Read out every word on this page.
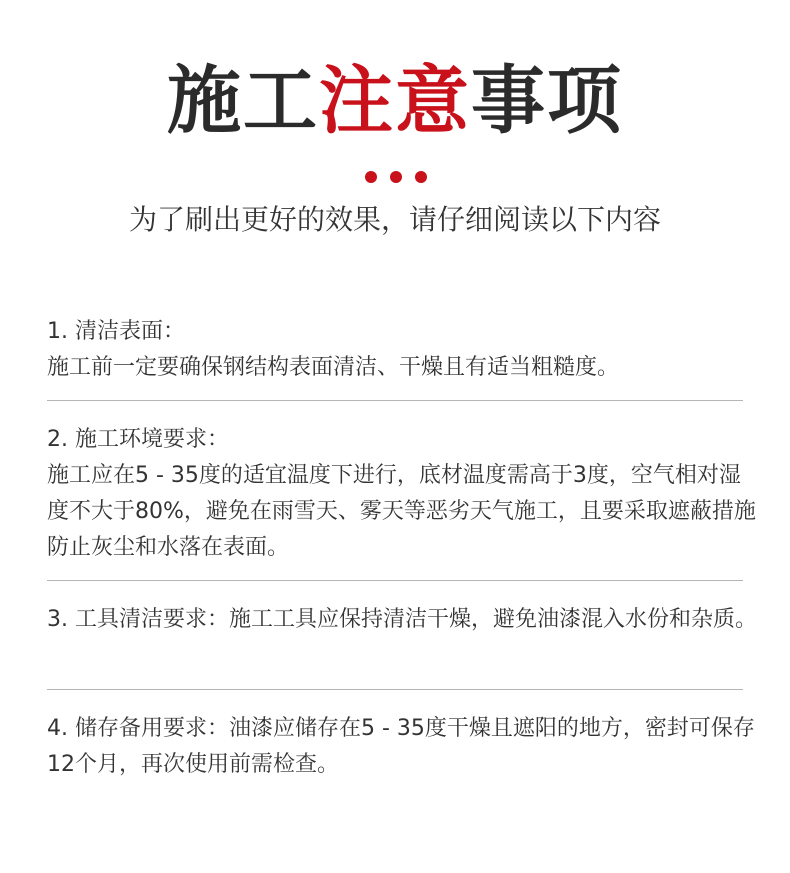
施工注意事项
为了刷出更好的效果，请仔细阅读以下内容

1. 清洁表面：

施工前一定要确保钢结构表面清洁、干燥且有适当粗糙度。

2. 施工环境要求：

施工应在5 - 35度的适宜温度下进行，底材温度需高于3度，空气相对湿度不大于80%，避免在雨雪天、雾天等恶劣天气施工，且要采取遮蔽措施防止灰尘和水落在表面。

3. 工具清洁要求：施工工具应保持清洁干燥，避免油漆混入水份和杂质。

4. 储存备用要求：油漆应储存在5 - 35度干燥且遮阳的地方，密封可保存12个月，再次使用前需检查。
